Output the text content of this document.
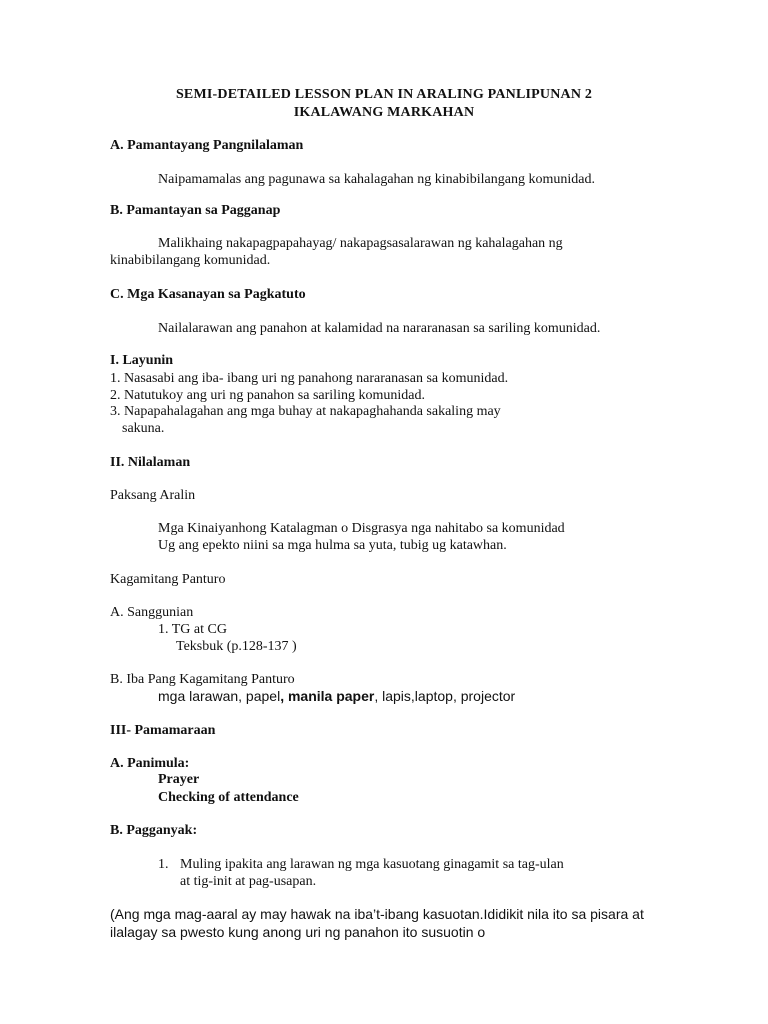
SEMI-DETAILED LESSON PLAN IN ARALING PANLIPUNAN 2
IKALAWANG MARKAHAN
A. Pamantayang Pangnilalaman
Naipamamalas ang pagunawa sa kahalagahan ng kinabibilangang komunidad.
B. Pamantayan sa Pagganap
Malikhaing nakapagpapahayag/ nakapagsasalarawan ng kahalagahan ng
kinabibilangang komunidad.
C. Mga Kasanayan sa Pagkatuto
Nailalarawan ang panahon at kalamidad na nararanasan sa sariling komunidad.
I. Layunin
1. Nasasabi ang iba- ibang uri ng panahong nararanasan sa komunidad.
2. Natutukoy ang uri ng panahon sa sariling komunidad.
3. Napapahalagahan ang mga buhay at nakapaghahanda sakaling may
sakuna.
II. Nilalaman
Paksang Aralin
Mga Kinaiyanhong Katalagman o Disgrasya nga nahitabo sa komunidad
Ug ang epekto niini sa mga hulma sa yuta, tubig ug katawhan.
Kagamitang Panturo
A. Sanggunian
1. TG at CG
Teksbuk (p.128-137 )
B. Iba Pang Kagamitang Panturo
mga larawan, papel, manila paper, lapis,laptop, projector
III- Pamamaraan
A. Panimula:
Prayer
Checking of attendance
B. Pagganyak:
1. Muling ipakita ang larawan ng mga kasuotang ginagamit sa tag-ulan
at tig-init at pag-usapan.
(Ang mga mag-aaral ay may hawak na iba’t-ibang kasuotan.Ididikit nila ito sa pisara at
ilalagay sa pwesto kung anong uri ng panahon ito susuotin o
